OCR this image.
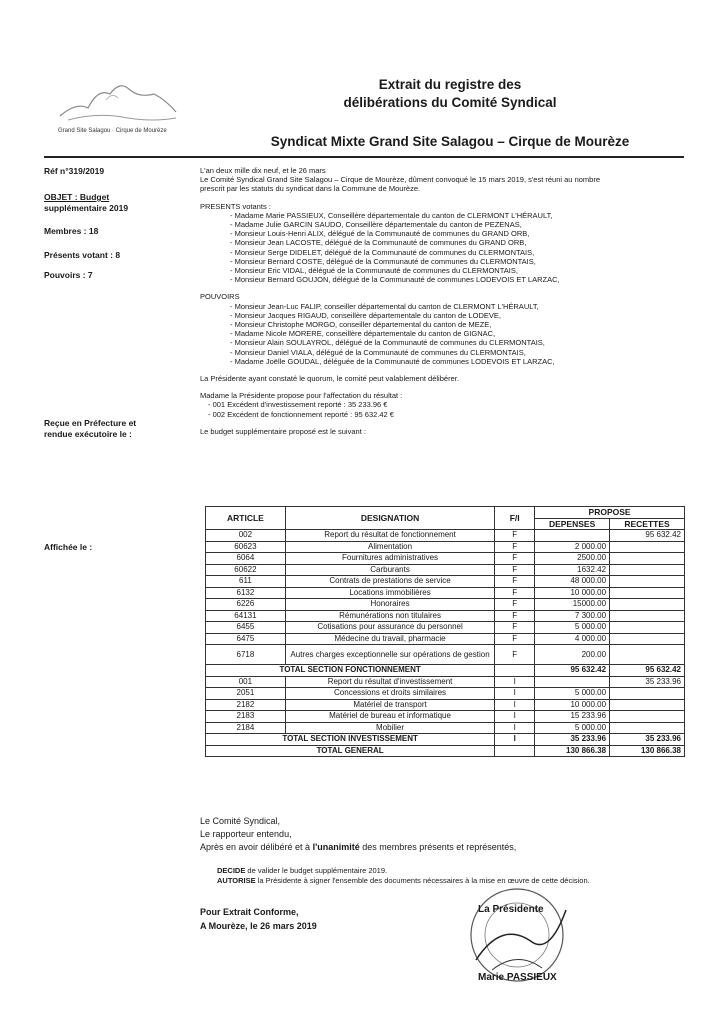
Grand Site Salagou · Cirque de Mourèze
Extrait du registre des
délibérations du Comité Syndical
Syndicat Mixte Grand Site Salagou – Cirque de Mourèze
Réf n°319/2019
OBJET : Budget
supplémentaire 2019
Membres : 18
Présents votant : 8
Pouvoirs : 7
Reçue en Préfecture et
rendue exécutoire le :
Affichée le :
L'an deux mille dix neuf, et le 26 mars
Le Comité Syndical Grand Site Salagou – Cirque de Mourèze, dûment convoqué le 15 mars 2019, s'est réuni au nombre
prescrit par les statuts du syndicat dans la Commune de Mourèze.
PRESENTS votants :
- Madame Marie PASSIEUX, Conseillère départementale du canton de CLERMONT L'HÉRAULT,
- Madame Julie GARCIN SAUDO, Conseillère départementale du canton de PEZENAS,
- Monsieur Louis-Henri ALIX, délégué de la Communauté de communes du GRAND ORB,
- Monsieur Jean LACOSTE, délégué de la Communauté de communes du GRAND ORB,
- Monsieur Serge DIDELET, délégué de la Communauté de communes du CLERMONTAIS,
- Monsieur Bernard COSTE, délégué de la Communauté de communes du CLERMONTAIS,
- Monsieur Eric VIDAL, délégué de la Communauté de communes du CLERMONTAIS,
- Monsieur Bernard GOUJON, délégué de la Communauté de communes LODEVOIS ET LARZAC,
POUVOIRS
- Monsieur Jean-Luc FALIP, conseiller départemental du canton de CLERMONT L'HÉRAULT,
- Monsieur Jacques RIGAUD, conseillère départementale du canton de LODEVE,
- Monsieur Christophe MORGO, conseiller départemental du canton de MEZE,
- Madame Nicole MORERE, conseillère départementale du canton de GIGNAC,
- Monsieur Alain SOULAYROL, délégué de la Communauté de communes du CLERMONTAIS,
- Monsieur Daniel VIALA, délégué de la Communauté de communes du CLERMONTAIS,
- Madame Joëlle GOUDAL, déléguée de la Communauté de communes LODEVOIS ET LARZAC,
La Présidente ayant constaté le quorum, le comité peut valablement délibérer.
Madame la Présidente propose pour l'affectation du résultat :
- 001 Excédent d'investissement reporté : 35 233.96 €
- 002 Excédent de fonctionnement reporté : 95 632.42 €
Le budget supplémentaire proposé est le suivant :
ARTICLE	DESIGNATION	F/I	PROPOSE	
			DEPENSES	RECETTES
002	Report du résultat de fonctionnement	F		95 632.42
60623	Alimentation	F	2 000.00	
6064	Fournitures administratives	F	2500.00	
60622	Carburants	F	1632.42	
611	Contrats de prestations de service	F	48 000.00	
6132	Locations immobilières	F	10 000.00	
6226	Honoraires	F	15000.00	
64131	Rémunérations non titulaires	F	7 300.00	
6455	Cotisations pour assurance du personnel	F	5 000.00	
6475	Médecine du travail, pharmacie	F	4 000.00	
6718	Autres charges exceptionnelle sur opérations de gestion	F	200.00	
TOTAL SECTION FONCTIONNEMENT			95 632.42	95 632.42
001	Report du résultat d'investissement	I		35 233.96
2051	Concessions et droits similaires	I	5 000.00	
2182	Matériel de transport	I	10 000.00	
2183	Matériel de bureau et informatique	I	15 233.96	
2184	Mobilier	I	5 000.00	
TOTAL SECTION INVESTISSEMENT		I	35 233.96	35 233.96
TOTAL GENERAL			130 866.38	130 866.38
Le Comité Syndical,
Le rapporteur entendu,
Après en avoir délibéré et à l'unanimité des membres présents et représentés,
DECIDE de valider le budget supplémentaire 2019.
AUTORISE la Présidente à signer l'ensemble des documents nécessaires à la mise en œuvre de cette décision.
Pour Extrait Conforme,
A Mourèze, le 26 mars 2019
La Présidente
Marie PASSIEUX
